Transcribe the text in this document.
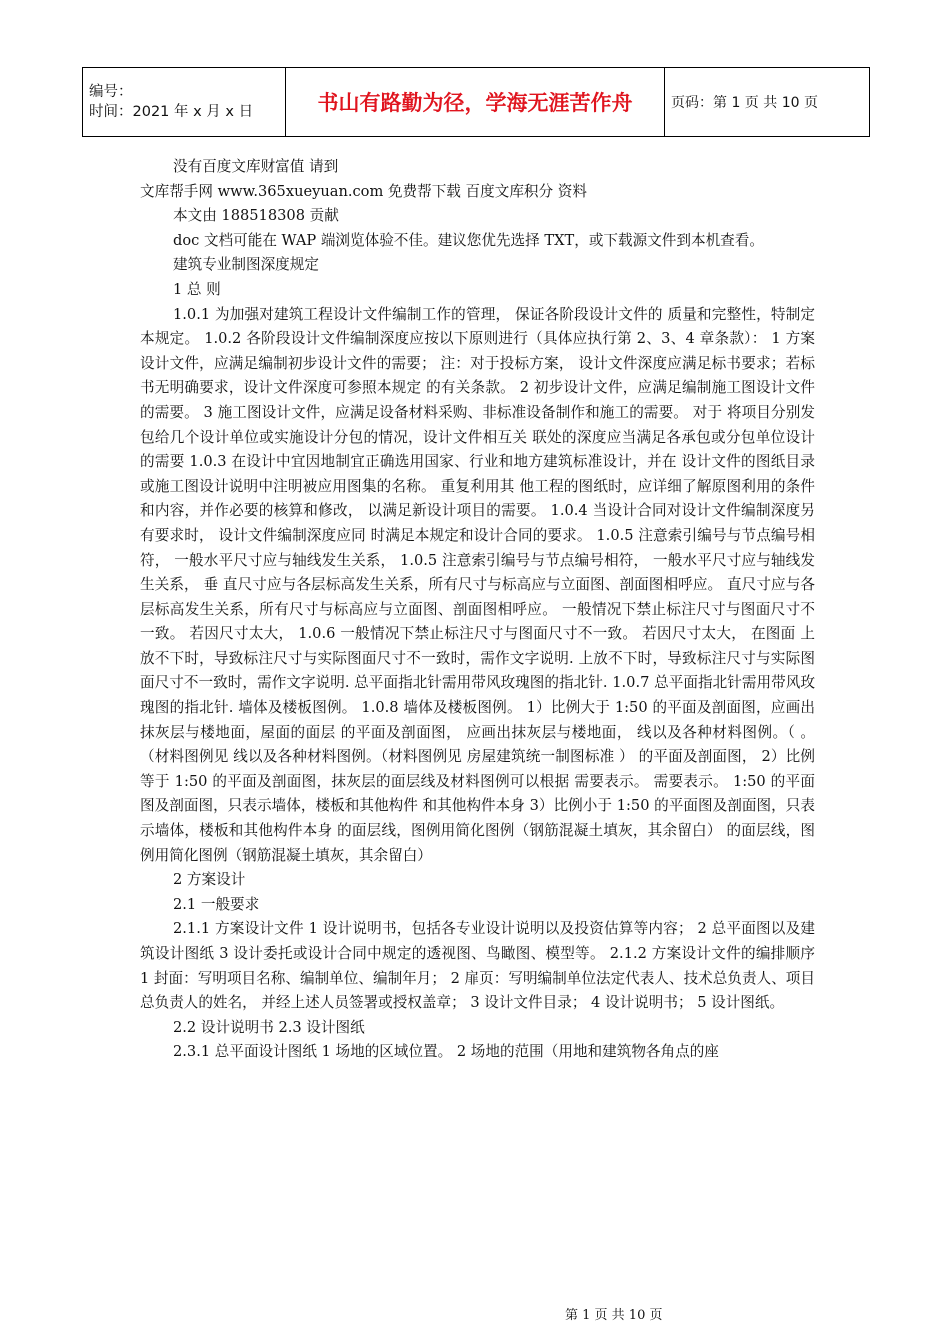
编号：
时间：2021 年 x 月 x 日	书山有路勤为径，学海无涯苦作舟	页码：第 1 页 共 10 页

没有百度文库财富值 请到

文库帮手网 www.365xueyuan.com 免费帮下载 百度文库积分 资料

本文由 188518308 贡献

doc 文档可能在 WAP 端浏览体验不佳。建议您优先选择 TXT，或下载源文件到本机查看。

建筑专业制图深度规定

1 总 则

1.0.1 为加强对建筑工程设计文件编制工作的管理， 保证各阶段设计文件的 质量和完整性，特制定本规定。 1.0.2 各阶段设计文件编制深度应按以下原则进行（具体应执行第 2、3、4 章条款）： 1 方案设计文件，应满足编制初步设计文件的需要； 注：对于投标方案， 设计文件深度应满足标书要求；若标书无明确要求，设计文件深度可参照本规定 的有关条款。 2 初步设计文件，应满足编制施工图设计文件的需要。 3 施工图设计文件，应满足设备材料采购、非标准设备制作和施工的需要。 对于 将项目分别发包给几个设计单位或实施设计分包的情况，设计文件相互关 联处的深度应当满足各承包或分包单位设计的需要 1.0.3 在设计中宜因地制宜正确选用国家、行业和地方建筑标准设计，并在 设计文件的图纸目录或施工图设计说明中注明被应用图集的名称。 重复利用其 他工程的图纸时，应详细了解原图利用的条件和内容，并作必要的核算和修改， 以满足新设计项目的需要。 1.0.4 当设计合同对设计文件编制深度另有要求时， 设计文件编制深度应同 时满足本规定和设计合同的要求。 1.0.5 注意索引编号与节点编号相符， 一般水平尺寸应与轴线发生关系， 1.0.5 注意索引编号与节点编号相符， 一般水平尺寸应与轴线发生关系， 垂 直尺寸应与各层标高发生关系，所有尺寸与标高应与立面图、剖面图相呼应。 直尺寸应与各层标高发生关系，所有尺寸与标高应与立面图、剖面图相呼应。 一般情况下禁止标注尺寸与图面尺寸不一致。 若因尺寸太大， 1.0.6 一般情况下禁止标注尺寸与图面尺寸不一致。 若因尺寸太大， 在图面 上放不下时，导致标注尺寸与实际图面尺寸不一致时，需作文字说明. 上放不下时，导致标注尺寸与实际图面尺寸不一致时，需作文字说明. 总平面指北针需用带风玫瑰图的指北针. 1.0.7 总平面指北针需用带风玫瑰图的指北针. 墙体及楼板图例。 1.0.8 墙体及楼板图例。 1）比例大于 1:50 的平面及剖面图，应画出抹灰层与楼地面，屋面的面层 的平面及剖面图， 应画出抹灰层与楼地面， 线以及各种材料图例。（ 。（材料图例见 线以及各种材料图例。（材料图例见 房屋建筑统一制图标准 ） 的平面及剖面图， 2）比例等于 1:50 的平面及剖面图，抹灰层的面层线及材料图例可以根据 需要表示。 需要表示。 1:50 的平面图及剖面图，只表示墙体，楼板和其他构件 和其他构件本身 3）比例小于 1:50 的平面图及剖面图，只表示墙体，楼板和其他构件本身 的面层线，图例用简化图例（钢筋混凝土填灰，其余留白） 的面层线，图例用简化图例（钢筋混凝土填灰，其余留白）

2 方案设计

2.1 一般要求

2.1.1 方案设计文件 1 设计说明书，包括各专业设计说明以及投资估算等内容； 2 总平面图以及建筑设计图纸 3 设计委托或设计合同中规定的透视图、鸟瞰图、模型等。 2.1.2 方案设计文件的编排顺序 1 封面：写明项目名称、编制单位、编制年月； 2 扉页：写明编制单位法定代表人、技术总负责人、项目总负责人的姓名， 并经上述人员签署或授权盖章； 3 设计文件目录； 4 设计说明书； 5 设计图纸。

2.2 设计说明书 2.3 设计图纸

2.3.1 总平面设计图纸 1 场地的区域位置。 2 场地的范围（用地和建筑物各角点的座

第 1 页 共 10 页
